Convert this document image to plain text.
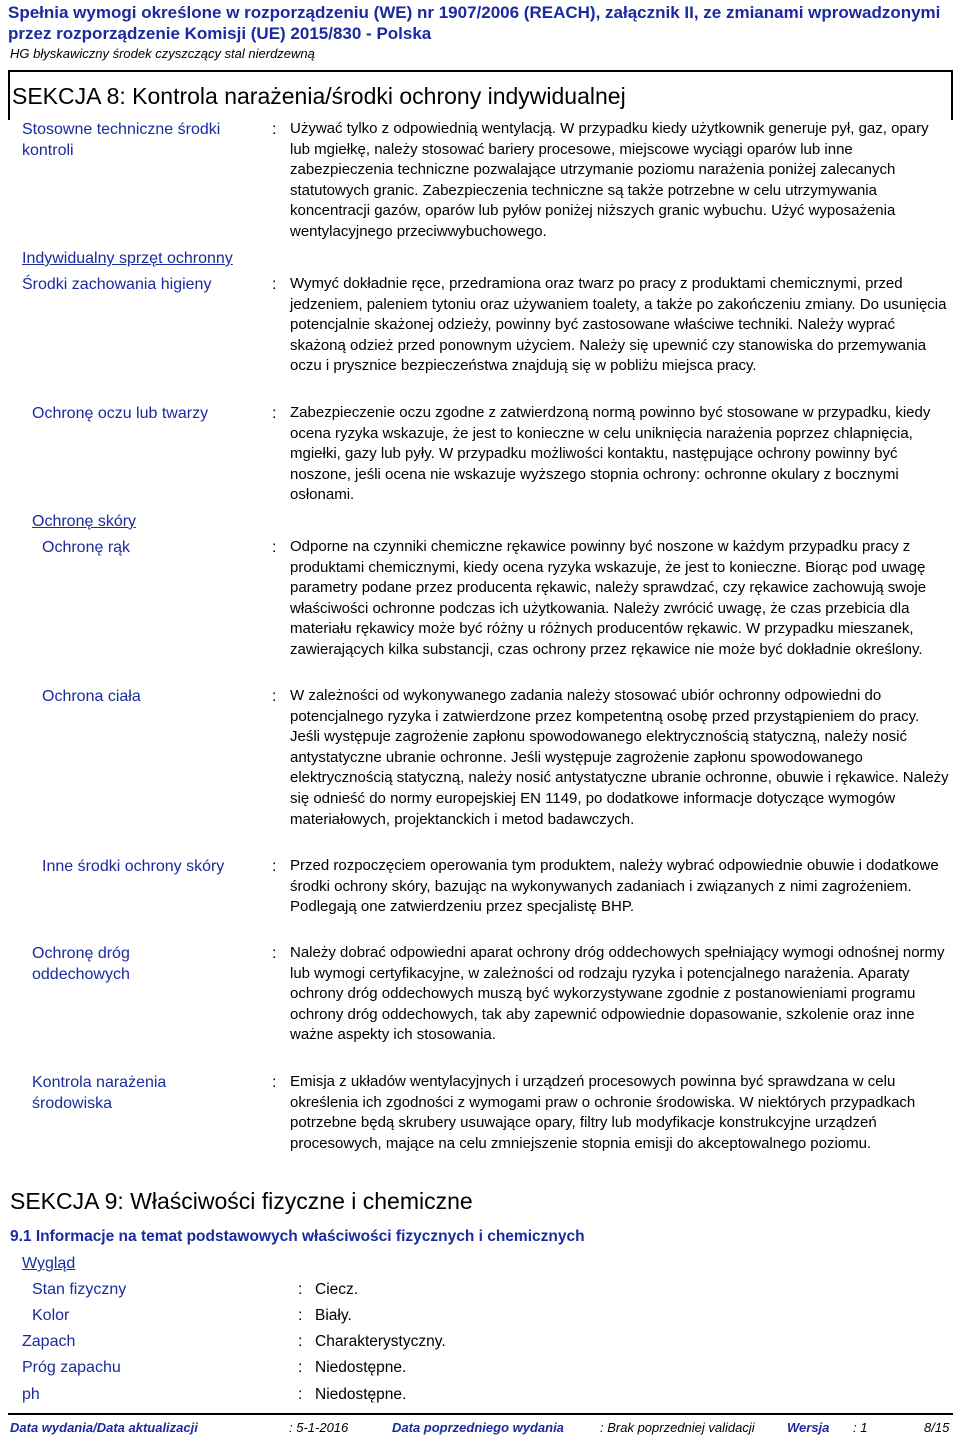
Spełnia wymogi określone w rozporządzeniu (WE) nr 1907/2006 (REACH), załącznik II, ze zmianami wprowadzonymi przez rozporządzenie Komisji (UE) 2015/830 - Polska
HG błyskawiczny środek czyszczący stal nierdzewną
SEKCJA 8: Kontrola narażenia/środki ochrony indywidualnej
Stosowne techniczne środki kontroli
: Używać tylko z odpowiednią wentylacją. W przypadku kiedy użytkownik generuje pył, gaz, opary lub mgiełkę, należy stosować bariery procesowe, miejscowe wyciągi oparów lub inne zabezpieczenia techniczne pozwalające utrzymanie poziomu narażenia poniżej zalecanych statutowych granic. Zabezpieczenia techniczne są także potrzebne w celu utrzymywania koncentracji gazów, oparów lub pyłów poniżej niższych granic wybuchu. Użyć wyposażenia wentylacyjnego przeciwwybuchowego.
Indywidualny sprzęt ochronny
Środki zachowania higieny	: Wymyć dokładnie ręce, przedramiona oraz twarz po pracy z produktami chemicznymi, przed jedzeniem, paleniem tytoniu oraz używaniem toalety, a także po zakończeniu zmiany. Do usunięcia potencjalnie skażonej odzieży, powinny być zastosowane właściwe techniki. Należy wyprać skażoną odzież przed ponownym użyciem. Należy się upewnić czy stanowiska do przemywania oczu i prysznice bezpieczeństwa znajdują się w pobliżu miejsca pracy.
Ochronę oczu lub twarzy	: Zabezpieczenie oczu zgodne z zatwierdzoną normą powinno być stosowane w przypadku, kiedy ocena ryzyka wskazuje, że jest to konieczne w celu uniknięcia narażenia poprzez chlapnięcia, mgiełki, gazy lub pyły. W przypadku możliwości kontaktu, następujące ochrony powinny być noszone, jeśli ocena nie wskazuje wyższego stopnia ochrony: ochronne okulary z bocznymi osłonami.
Ochronę skóry
Ochronę rąk	: Odporne na czynniki chemiczne rękawice powinny być noszone w każdym przypadku pracy z produktami chemicznymi, kiedy ocena ryzyka wskazuje, że jest to konieczne. Biorąc pod uwagę parametry podane przez producenta rękawic, należy sprawdzać, czy rękawice zachowują swoje właściwości ochronne podczas ich użytkowania. Należy zwrócić uwagę, że czas przebicia dla materiału rękawicy może być różny u różnych producentów rękawic. W przypadku mieszanek, zawierających kilka substancji, czas ochrony przez rękawice nie może być dokładnie określony.
Ochrona ciała	: W zależności od wykonywanego zadania należy stosować ubiór ochronny odpowiedni do potencjalnego ryzyka i zatwierdzone przez kompetentną osobę przed przystąpieniem do pracy. Jeśli występuje zagrożenie zapłonu spowodowanego elektrycznością statyczną, należy nosić antystatyczne ubranie ochronne. Jeśli występuje zagrożenie zapłonu spowodowanego elektrycznością statyczną, należy nosić antystatyczne ubranie ochronne, obuwie i rękawice. Należy się odnieść do normy europejskiej EN 1149, po dodatkowe informacje dotyczące wymogów materiałowych, projektanckich i metod badawczych.
Inne środki ochrony skóry	: Przed rozpoczęciem operowania tym produktem, należy wybrać odpowiednie obuwie i dodatkowe środki ochrony skóry, bazując na wykonywanych zadaniach i związanych z nimi zagrożeniem. Podlegają one zatwierdzeniu przez specjalistę BHP.
Ochronę dróg oddechowych
: Należy dobrać odpowiedni aparat ochrony dróg oddechowych spełniający wymogi odnośnej normy lub wymogi certyfikacyjne, w zależności od rodzaju ryzyka i potencjalnego narażenia. Aparaty ochrony dróg oddechowych muszą być wykorzystywane zgodnie z postanowieniami programu ochrony dróg oddechowych, tak aby zapewnić odpowiednie dopasowanie, szkolenie oraz inne ważne aspekty ich stosowania.
Kontrola narażenia środowiska
: Emisja z układów wentylacyjnych i urządzeń procesowych powinna być sprawdzana w celu określenia ich zgodności z wymogami praw o ochronie środowiska. W niektórych przypadkach potrzebne będą skrubery usuwające opary, filtry lub modyfikacje konstrukcyjne urządzeń procesowych, mające na celu zmniejszenie stopnia emisji do akceptowalnego poziomu.
SEKCJA 9: Właściwości fizyczne i chemiczne
9.1 Informacje na temat podstawowych właściwości fizycznych i chemicznych
Wygląd
Stan fizyczny	: Ciecz.
Kolor	: Biały.
Zapach	: Charakterystyczny.
Próg zapachu	: Niedostępne.
ph	: Niedostępne.
Data wydania/Data aktualizacji	: 5-1-2016	Data poprzedniego wydania	: Brak poprzedniej validacji Wersja : 1	8/15
